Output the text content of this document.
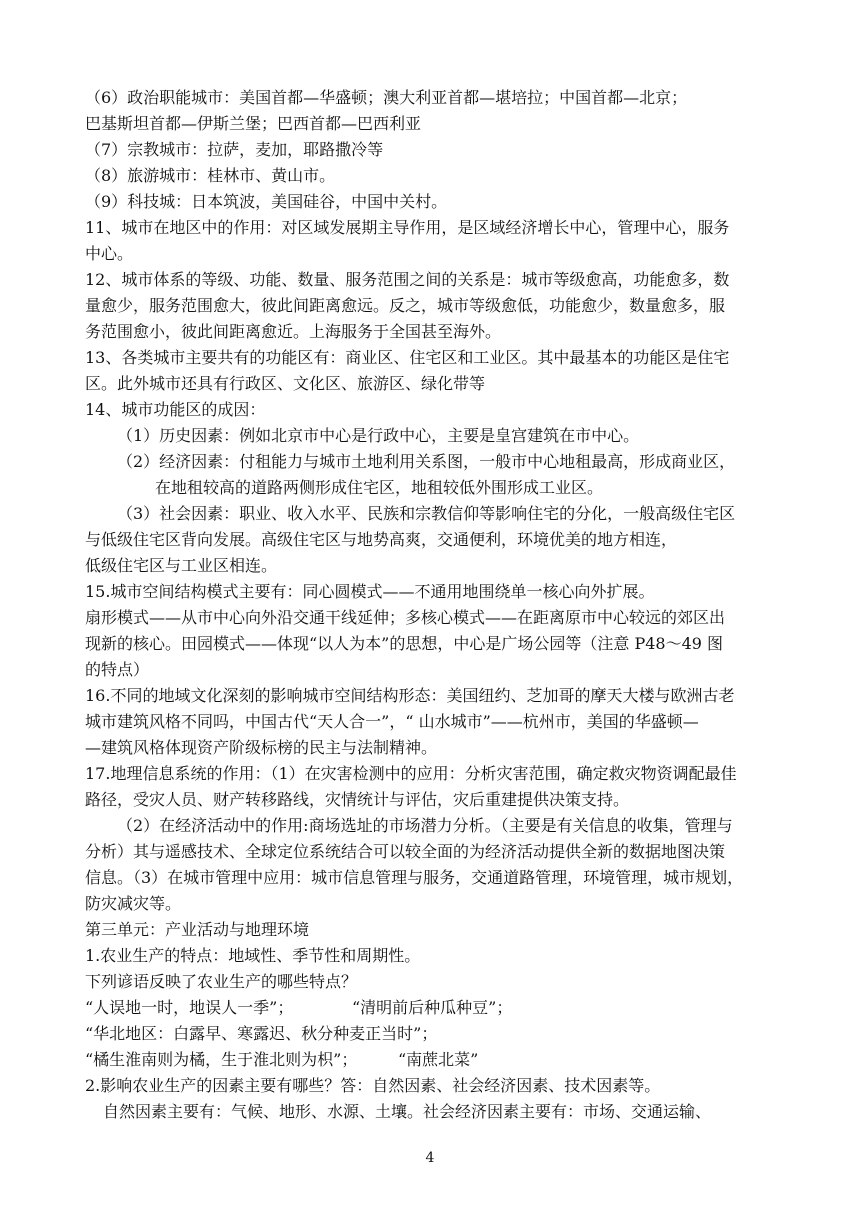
（6）政治职能城市：美国首都—华盛顿；澳大利亚首都—堪培拉；中国首都—北京；
巴基斯坦首都—伊斯兰堡；巴西首都—巴西利亚
（7）宗教城市：拉萨，麦加，耶路撒冷等
（8）旅游城市：桂林市、黄山市。
（9）科技城：日本筑波，美国硅谷，中国中关村。
11、城市在地区中的作用：对区域发展期主导作用，是区域经济增长中心，管理中心，服务
中心。
12、城市体系的等级、功能、数量、服务范围之间的关系是：城市等级愈高，功能愈多，数
量愈少，服务范围愈大，彼此间距离愈远。反之，城市等级愈低，功能愈少，数量愈多，服
务范围愈小，彼此间距离愈近。上海服务于全国甚至海外。
13、各类城市主要共有的功能区有：商业区、住宅区和工业区。其中最基本的功能区是住宅
区。此外城市还具有行政区、文化区、旅游区、绿化带等
14、城市功能区的成因：
（1）历史因素：例如北京市中心是行政中心，主要是皇宫建筑在市中心。
（2）经济因素：付租能力与城市土地利用关系图，一般市中心地租最高，形成商业区，
在地租较高的道路两侧形成住宅区，地租较低外围形成工业区。
（3）社会因素：职业、收入水平、民族和宗教信仰等影响住宅的分化，一般高级住宅区
与低级住宅区背向发展。高级住宅区与地势高爽，交通便利，环境优美的地方相连，
低级住宅区与工业区相连。
15.城市空间结构模式主要有：同心圆模式——不通用地围绕单一核心向外扩展。
扇形模式——从市中心向外沿交通干线延伸；多核心模式——在距离原市中心较远的郊区出
现新的核心。田园模式——体现“以人为本”的思想，中心是广场公园等（注意 P48～49 图
的特点）
16.不同的地域文化深刻的影响城市空间结构形态：美国纽约、芝加哥的摩天大楼与欧洲古老
城市建筑风格不同吗，中国古代“天人合一”，“ 山水城市”——杭州市，美国的华盛顿—
—建筑风格体现资产阶级标榜的民主与法制精神。
17.地理信息系统的作用：（1）在灾害检测中的应用：分析灾害范围，确定救灾物资调配最佳
路径，受灾人员、财产转移路线，灾情统计与评估，灾后重建提供决策支持。
（2）在经济活动中的作用:商场选址的市场潜力分析。（主要是有关信息的收集，管理与
分析）其与遥感技术、全球定位系统结合可以较全面的为经济活动提供全新的数据地图决策
信息。（3）在城市管理中应用：城市信息管理与服务，交通道路管理，环境管理，城市规划，
防灾减灾等。
第三单元：产业活动与地理环境
1.农业生产的特点：地域性、季节性和周期性。
下列谚语反映了农业生产的哪些特点？
“人误地一时，地误人一季”；	“清明前后种瓜种豆”；
“华北地区：白露早、寒露迟、秋分种麦正当时”；
“橘生淮南则为橘，生于淮北则为枳”；	“南蔗北菜”
2.影响农业生产的因素主要有哪些？答：自然因素、社会经济因素、技术因素等。
自然因素主要有：气候、地形、水源、土壤。社会经济因素主要有：市场、交通运输、
4
